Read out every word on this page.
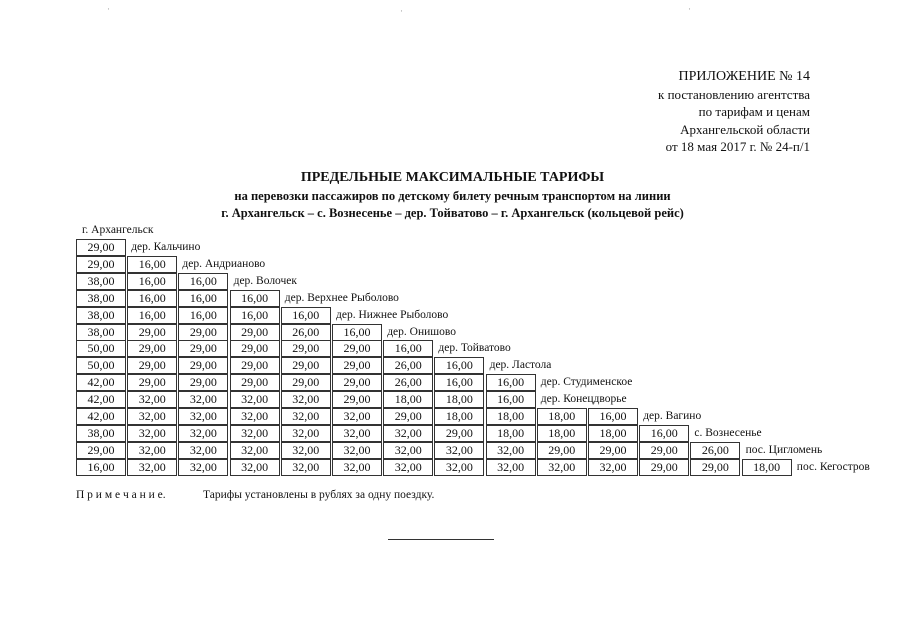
·	·	·
ПРИЛОЖЕНИЕ № 14
к постановлению агентства
по тарифам и ценам
Архангельской области
от 18 мая 2017 г. № 24-п/1
ПРЕДЕЛЬНЫЕ МАКСИМАЛЬНЫЕ ТАРИФЫ
на перевозки пассажиров по детскому билету речным транспортом на линии
г. Архангельск – с. Вознесенье – дер. Тойватово – г. Архангельск (кольцевой рейс)
г. Архангельск
29,00	дер. Кальчино
29,00	16,00	дер. Андрианово
38,00	16,00	16,00	дер. Волочек
38,00	16,00	16,00	16,00	дер. Верхнее Рыболово
38,00	16,00	16,00	16,00	16,00	дер. Нижнее Рыболово
38,00	29,00	29,00	29,00	26,00	16,00	дер. Онишово
50,00	29,00	29,00	29,00	29,00	29,00	16,00	дер. Тойватово
50,00	29,00	29,00	29,00	29,00	29,00	26,00	16,00	дер. Ластола
42,00	29,00	29,00	29,00	29,00	29,00	26,00	16,00	16,00	дер. Студименское
42,00	32,00	32,00	32,00	32,00	29,00	18,00	18,00	16,00	дер. Конецдворье
42,00	32,00	32,00	32,00	32,00	32,00	29,00	18,00	18,00	18,00	16,00	дер. Вагино
38,00	32,00	32,00	32,00	32,00	32,00	32,00	29,00	18,00	18,00	18,00	16,00	с. Вознесенье
29,00	32,00	32,00	32,00	32,00	32,00	32,00	32,00	32,00	29,00	29,00	29,00	26,00	пос. Цигломень
16,00	32,00	32,00	32,00	32,00	32,00	32,00	32,00	32,00	32,00	32,00	29,00	29,00	18,00	пос. Кегостров
П р и м е ч а н и е.	Тарифы установлены в рублях за одну поездку.
